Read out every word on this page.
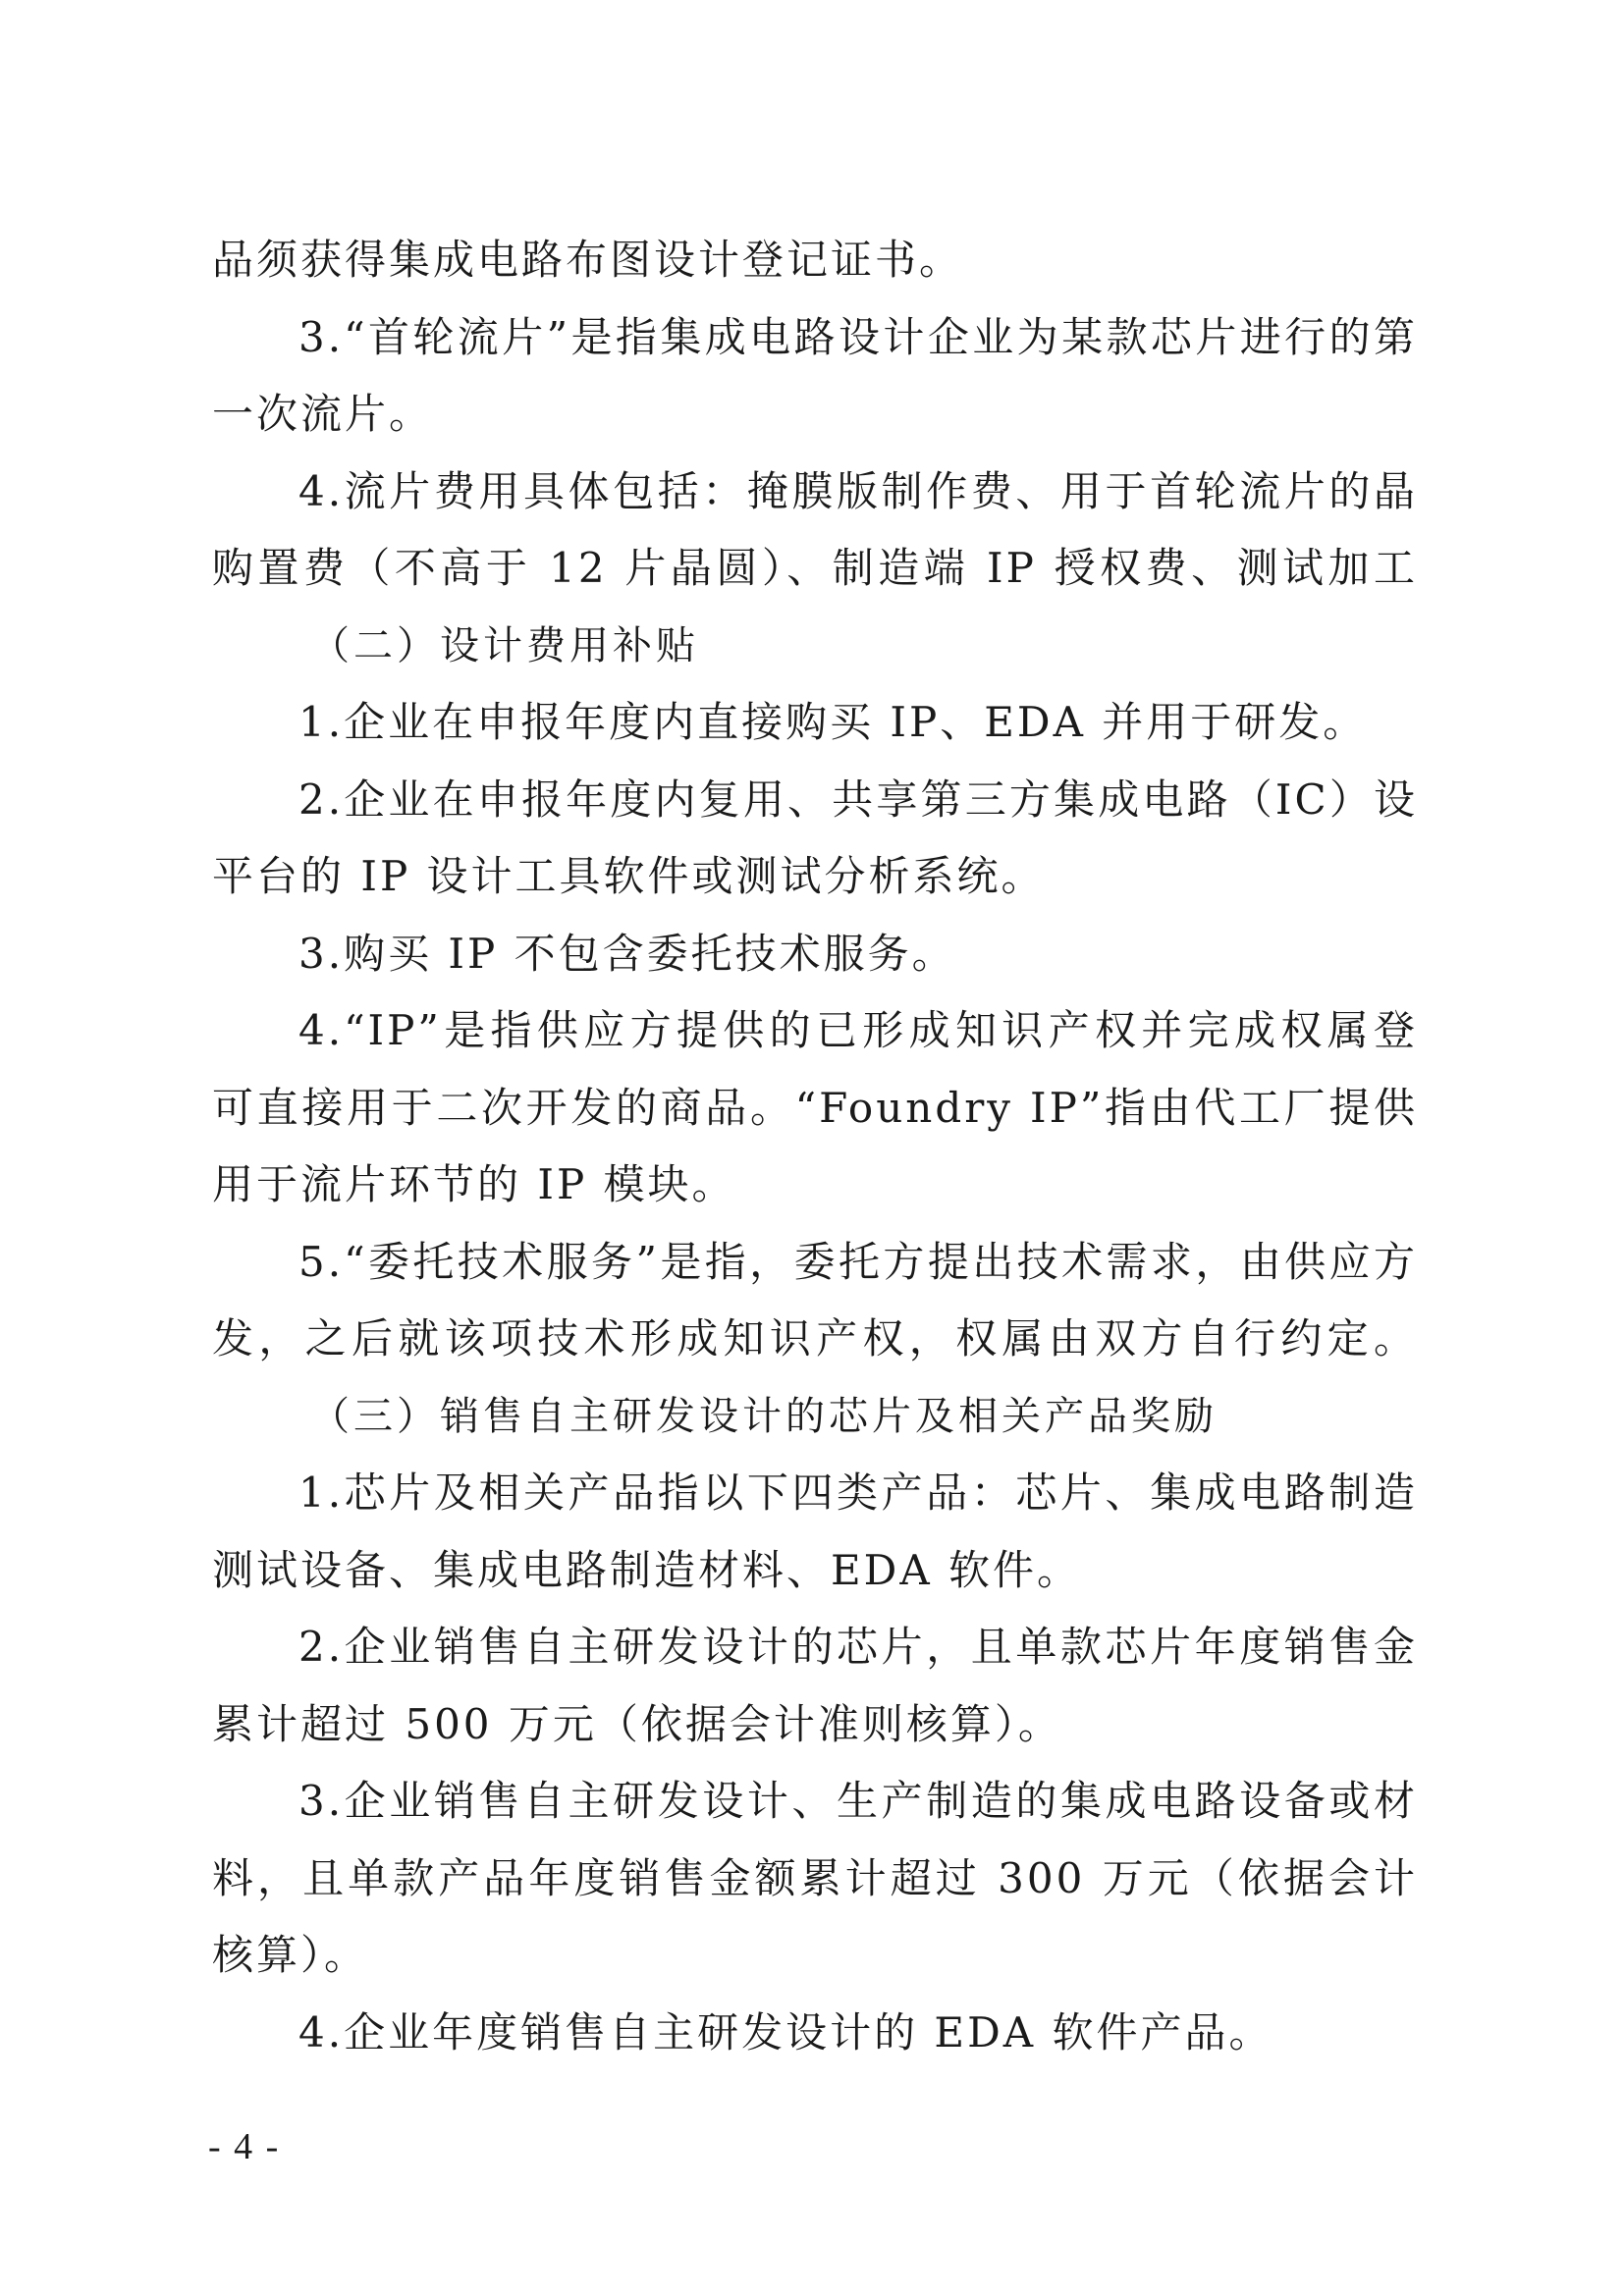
品须获得集成电路布图设计登记证书。
3.“首轮流片”是指集成电路设计企业为某款芯片进行的第
一次流片。
4.流片费用具体包括：掩膜版制作费、用于首轮流片的晶
购置费（不高于 12 片晶圆）、制造端 IP 授权费、测试加工
（二）设计费用补贴
1.企业在申报年度内直接购买 IP、EDA 并用于研发。
2.企业在申报年度内复用、共享第三方集成电路（IC）设
平台的 IP 设计工具软件或测试分析系统。
3.购买 IP 不包含委托技术服务。
4.“IP”是指供应方提供的已形成知识产权并完成权属登
可直接用于二次开发的商品。“Foundry IP”指由代工厂提供
用于流片环节的 IP 模块。
5.“委托技术服务”是指，委托方提出技术需求，由供应方
发，之后就该项技术形成知识产权，权属由双方自行约定。
（三）销售自主研发设计的芯片及相关产品奖励
1.芯片及相关产品指以下四类产品：芯片、集成电路制造
测试设备、集成电路制造材料、EDA 软件。
2.企业销售自主研发设计的芯片，且单款芯片年度销售金
累计超过 500 万元（依据会计准则核算）。
3.企业销售自主研发设计、生产制造的集成电路设备或材
料，且单款产品年度销售金额累计超过 300 万元（依据会计
核算）。
4.企业年度销售自主研发设计的 EDA 软件产品。
- 4 -
